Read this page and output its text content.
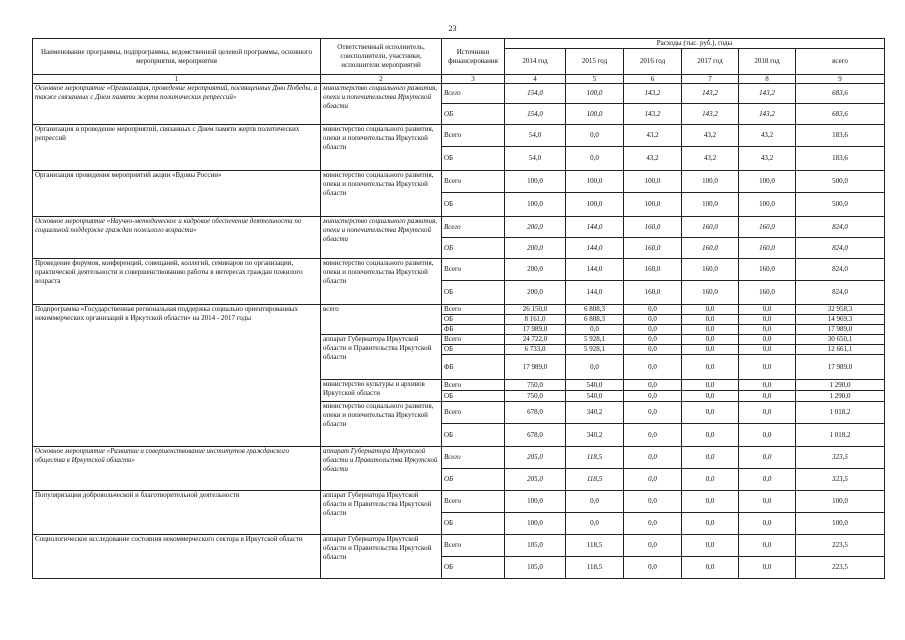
23
Наименование программы, подпрограммы, ведомственной целевой программы, основного мероприятия, мероприятия	Ответственный исполнитель, соисполнители, участники, исполнители мероприятий	Источники финансирования	Расходы (тыс. руб.), годы					
			2014 год	2015 год	2016 год	2017 год	2018 год	всего
1	2	3	4	5	6	7	8	9
Основное мероприятие «Организация, проведение мероприятий, посвященных Дню Победы, а также связанных с Днем памяти жертв политических репрессий»	министерство социального развития, опеки и попечительства Иркутской области	Всего	154,0	100,0	143,2	143,2	143,2	683,6
		ОБ	154,0	100,0	143,2	143,2	143,2	683,6
Организация и проведение мероприятий, связанных с Днем памяти жертв политических репрессий	министерство социального развития, опеки и попечительства Иркутской области	Всего	54,0	0,0	43,2	43,2	43,2	183,6
		ОБ	54,0	0,0	43,2	43,2	43,2	183,6
Организация проведения мероприятий акции «Вдовы России»	министерство социального развития, опеки и попечительства Иркутской области	Всего	100,0	100,0	100,0	100,0	100,0	500,0
		ОБ	100,0	100,0	100,0	100,0	100,0	500,0
Основное мероприятие «Научно-методическое и кадровое обеспечение деятельности по социальной поддержке граждан пожилого возраста»	министерство социального развития, опеки и попечительства Иркутской области	Всего	200,0	144,0	160,0	160,0	160,0	824,0
		ОБ	200,0	144,0	160,0	160,0	160,0	824,0
Проведение форумов, конференций, совещаний, коллегий, семинаров по организации, практической деятельности и совершенствованию работы в интересах граждан пожилого возраста	министерство социального развития, опеки и попечительства Иркутской области	Всего	200,0	144,0	160,0	160,0	160,0	824,0
		ОБ	200,0	144,0	160,0	160,0	160,0	824,0
Подпрограмма «Государственная региональная поддержка социально ориентированных некоммерческих организаций в Иркутской области» на 2014 - 2017 годы	всего	Всего	26 150,0	6 808,3	0,0	0,0	0,0	32 958,3
		ОБ	8 161,0	6 808,3	0,0	0,0	0,0	14 969,3
		ФБ	17 989,0	0,0	0,0	0,0	0,0	17 989,0
	аппарат Губернатора Иркутской области и Правительства Иркутской области	Всего	24 722,0	5 928,1	0,0	0,0	0,0	30 650,1
		ОБ	6 733,0	5 928,1	0,0	0,0	0,0	12 661,1
		ФБ	17 989,0	0,0	0,0	0,0	0,0	17 989,0
	министерство культуры и архивов Иркутской области	Всего	750,0	540,0	0,0	0,0	0,0	1 290,0
		ОБ	750,0	540,0	0,0	0,0	0,0	1 290,0
	министерство социального развития, опеки и попечительства Иркутской области	Всего	678,0	340,2	0,0	0,0	0,0	1 018,2
		ОБ	678,0	340,2	0,0	0,0	0,0	1 018,2
Основное мероприятие «Развитие и совершенствование институтов гражданского общества в Иркутской области»	аппарат Губернатора Иркутской области и Правительства Иркутской области	Всего	205,0	118,5	0,0	0,0	0,0	323,5
		ОБ	205,0	118,5	0,0	0,0	0,0	323,5
Популяризация добровольческой и благотворительной деятельности	аппарат Губернатора Иркутской области и Правительства Иркутской области	Всего	100,0	0,0	0,0	0,0	0,0	100,0
		ОБ	100,0	0,0	0,0	0,0	0,0	100,0
Социологическое исследование состояния некоммерческого сектора в Иркутской области	аппарат Губернатора Иркутской области и Правительства Иркутской области	Всего	105,0	118,5	0,0	0,0	0,0	223,5
		ОБ	105,0	118,5	0,0	0,0	0,0	223,5
